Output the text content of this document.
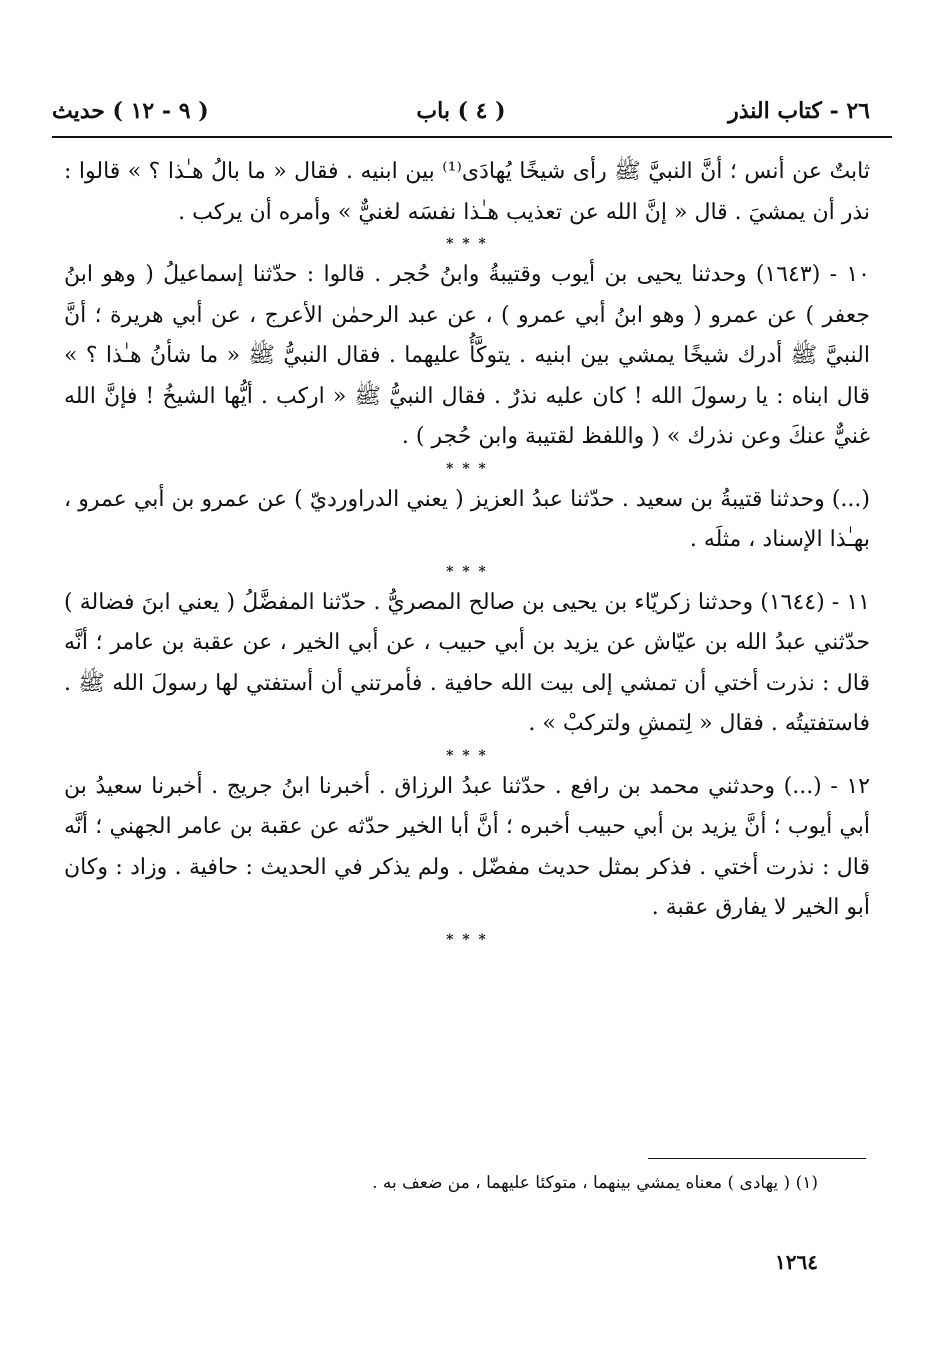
٢٦ - كتاب النذر
( ٤ ) باب
( ٩ - ١٢ ) حديث

ثابتٌ عن أنس ؛ أنَّ النبيَّ ﷺ رأى شيخًا يُهادَى⁽¹⁾ بين ابنيه . فقال « ما بالُ هـٰذا ؟ » قالوا : نذر أن يمشيَ . قال « إنَّ الله عن تعذيب هـٰذا نفسَه لغنيٌّ » وأمره أن يركب .

* * *

١٠ - (١٦٤٣) وحدثنا يحيى بن أيوب وقتيبةُ وابنُ حُجر . قالوا : حدّثنا إسماعيلُ ( وهو ابنُ جعفر ) عن عمرو ( وهو ابنُ أبي عمرو ) ، عن عبد الرحمٰن الأعرج ، عن أبي هريرة ؛ أنَّ النبيَّ ﷺ أدرك شيخًا يمشي بين ابنيه . يتوكَّأُ عليهما . فقال النبيُّ ﷺ « ما شأنُ هـٰذا ؟ » قال ابناه : يا رسولَ الله ! كان عليه نذرٌ . فقال النبيُّ ﷺ « اركب . أيُّها الشيخُ ! فإنَّ الله غنيٌّ عنكَ وعن نذرك » ( واللفظ لقتيبة وابن حُجر ) .

* * *

(...) وحدثنا قتيبةُ بن سعيد . حدّثنا عبدُ العزيز ( يعني الدراورديّ ) عن عمرو بن أبي عمرو ، بهـٰذا الإسناد ، مثلَه .

* * *

١١ - (١٦٤٤) وحدثنا زكريّاء بن يحيى بن صالح المصريُّ . حدّثنا المفضَّلُ ( يعني ابنَ فضالة ) حدّثني عبدُ الله بن عيّاش عن يزيد بن أبي حبيب ، عن أبي الخير ، عن عقبة بن عامر ؛ أنَّه قال : نذرت أختي أن تمشي إلى بيت الله حافية . فأمرتني أن أستفتي لها رسولَ الله ﷺ . فاستفتيتُه . فقال « لِتمشِ ولتركبْ » .

* * *

١٢ - (...) وحدثني محمد بن رافع . حدّثنا عبدُ الرزاق . أخبرنا ابنُ جريج . أخبرنا سعيدُ بن أبي أيوب ؛ أنَّ يزيد بن أبي حبيب أخبره ؛ أنَّ أبا الخير حدّثه عن عقبة بن عامر الجهني ؛ أنَّه قال : نذرت أختي . فذكر بمثل حديث مفضّل . ولم يذكر في الحديث : حافية . وزاد : وكان أبو الخير لا يفارق عقبة .

* * *
(١) ( يهادى ) معناه يمشي بينهما ، متوكئا عليهما ، من ضعف به .
١٢٦٤
